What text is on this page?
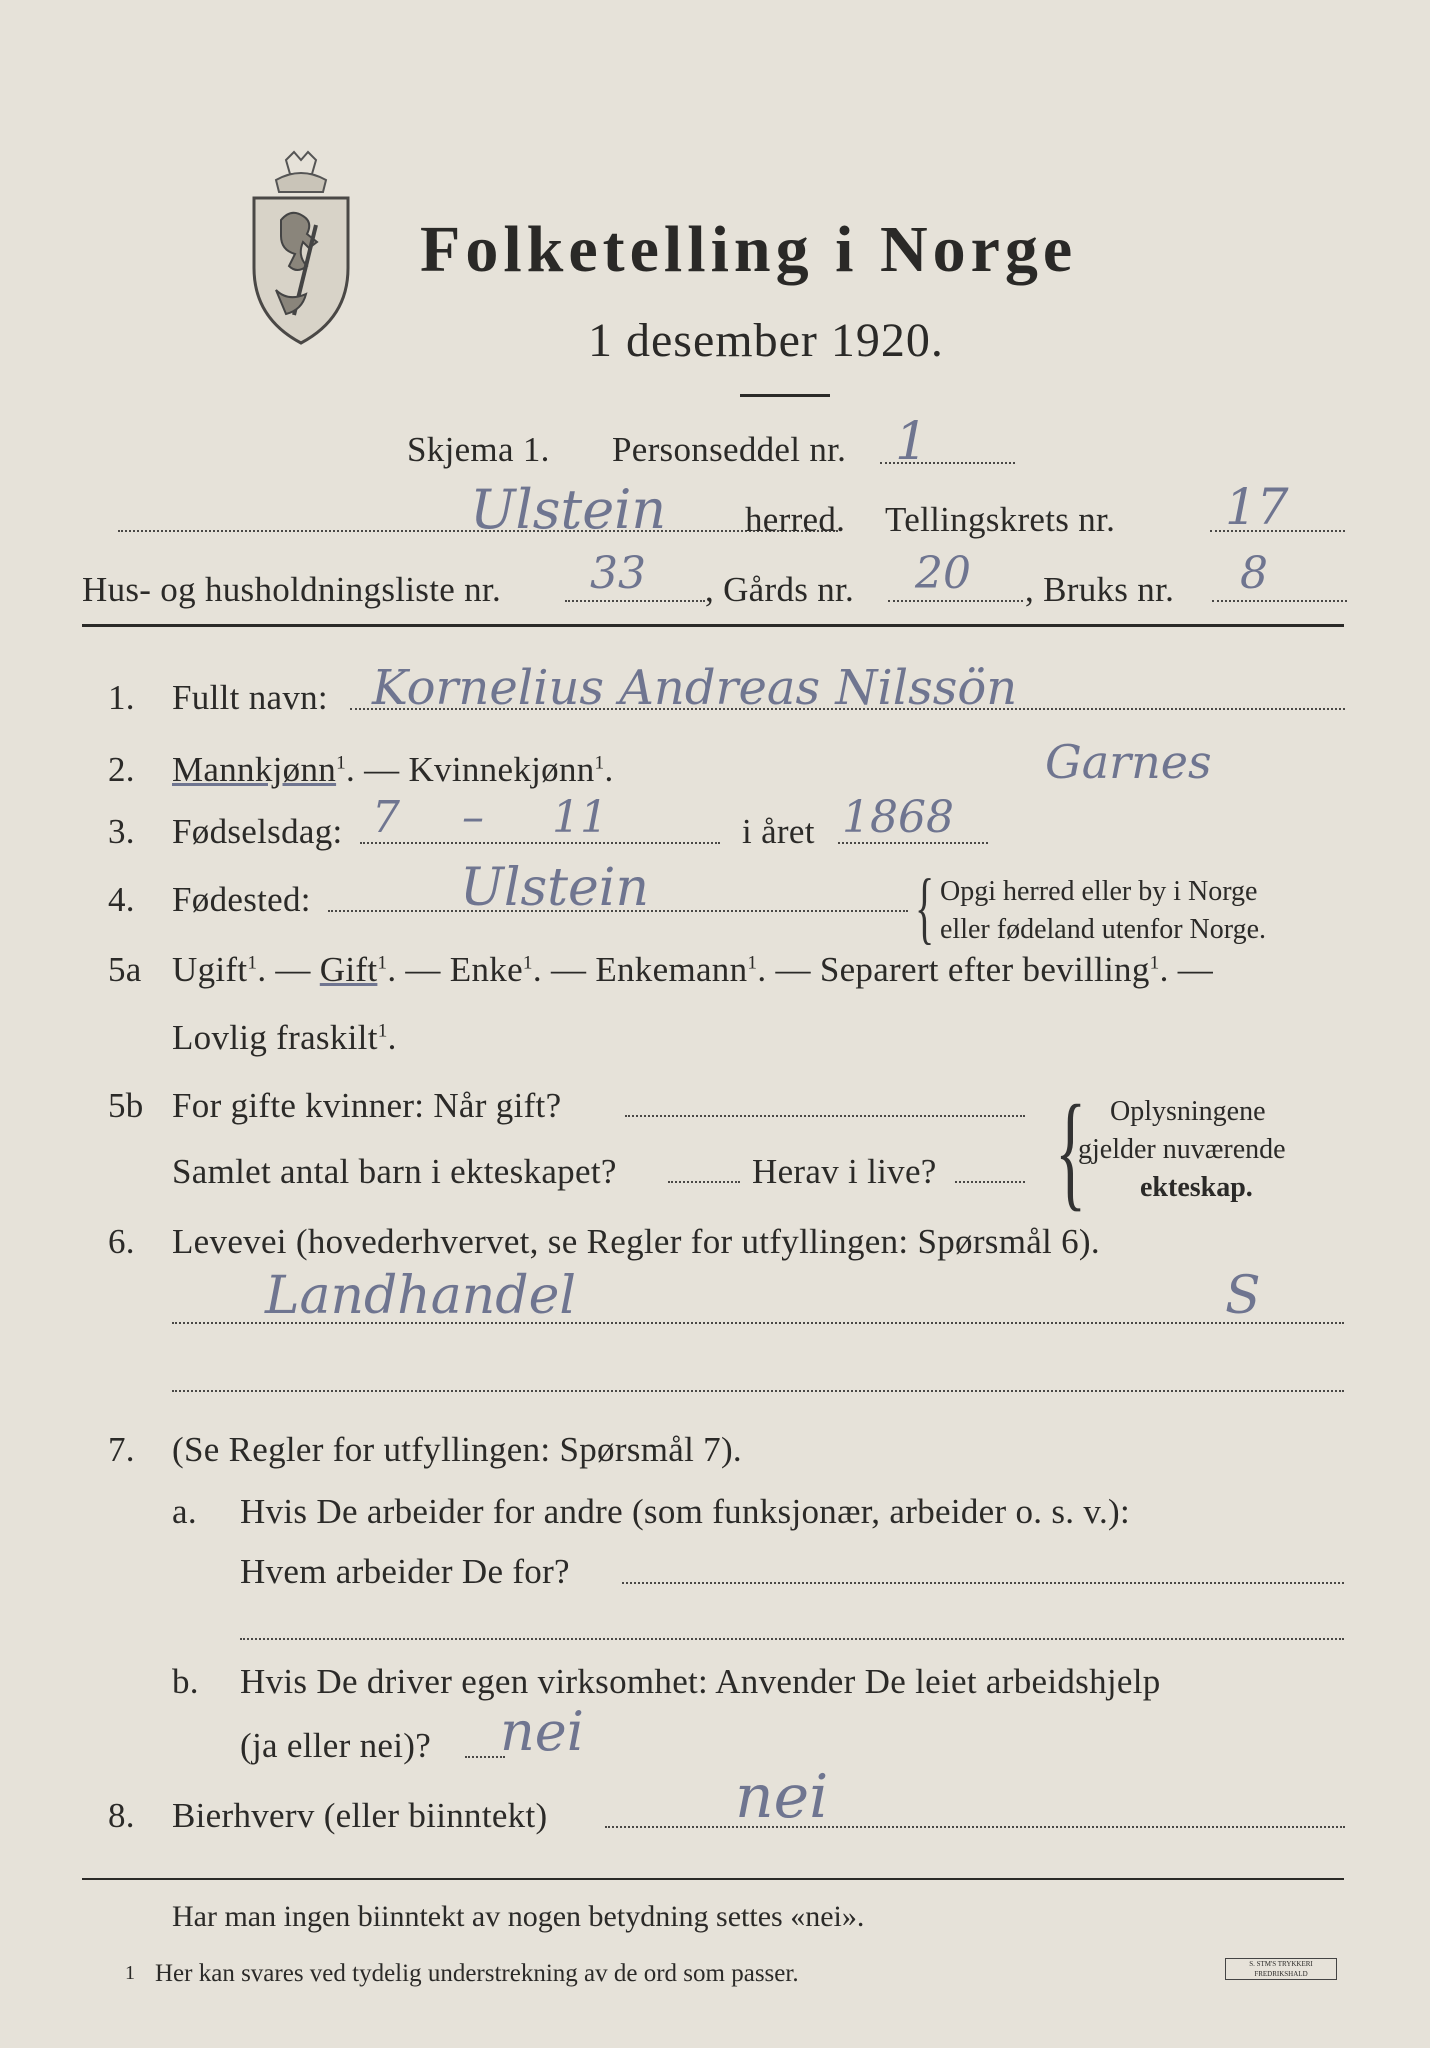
Folketelling i Norge
1 desember 1920.
Skjema 1. Personseddel nr. 1
Ulstein herred. Tellingskrets nr. 17
Hus- og husholdningsliste nr. 33 , Gårds nr. 20 , Bruks nr. 8
1. Fullt navn: Kornelius Andreas Nilssön
2. Mannkjønn$^1$. — Kvinnekjønn$^1$.	Garnes
3. Fødselsdag: 7 – 11	i året 1868
4. Fødested:	Ulstein	{ Opgi herred eller by i Norge
eller fødeland utenfor Norge.
5a Ugift$^1$. — Gift$^1$. — Enke$^1$. — Enkemann$^1$. — Separert efter bevilling$^1$. —
Lovlig fraskilt$^1$.
5b For gifte kvinner: Når gift?
Samlet antal barn i ekteskapet?	Herav i live? { Oplysningene
gjelder nuværende
ekteskap.
6. Levevei (hovederhvervet, se Regler for utfyllingen: Spørsmål 6).
Landhandel	S
7. (Se Regler for utfyllingen: Spørsmål 7).
a. Hvis De arbeider for andre (som funksjonær, arbeider o. s. v.):
Hvem arbeider De for?
b. Hvis De driver egen virksomhet: Anvender De leiet arbeidshjelp
(ja eller nei)? nei
8. Bierhverv (eller biinntekt)	nei
Har man ingen biinntekt av nogen betydning settes «nei».
1 Her kan svares ved tydelig understrekning av de ord som passer.	S. STM'S TRYKKERI FREDRIKSHALD
